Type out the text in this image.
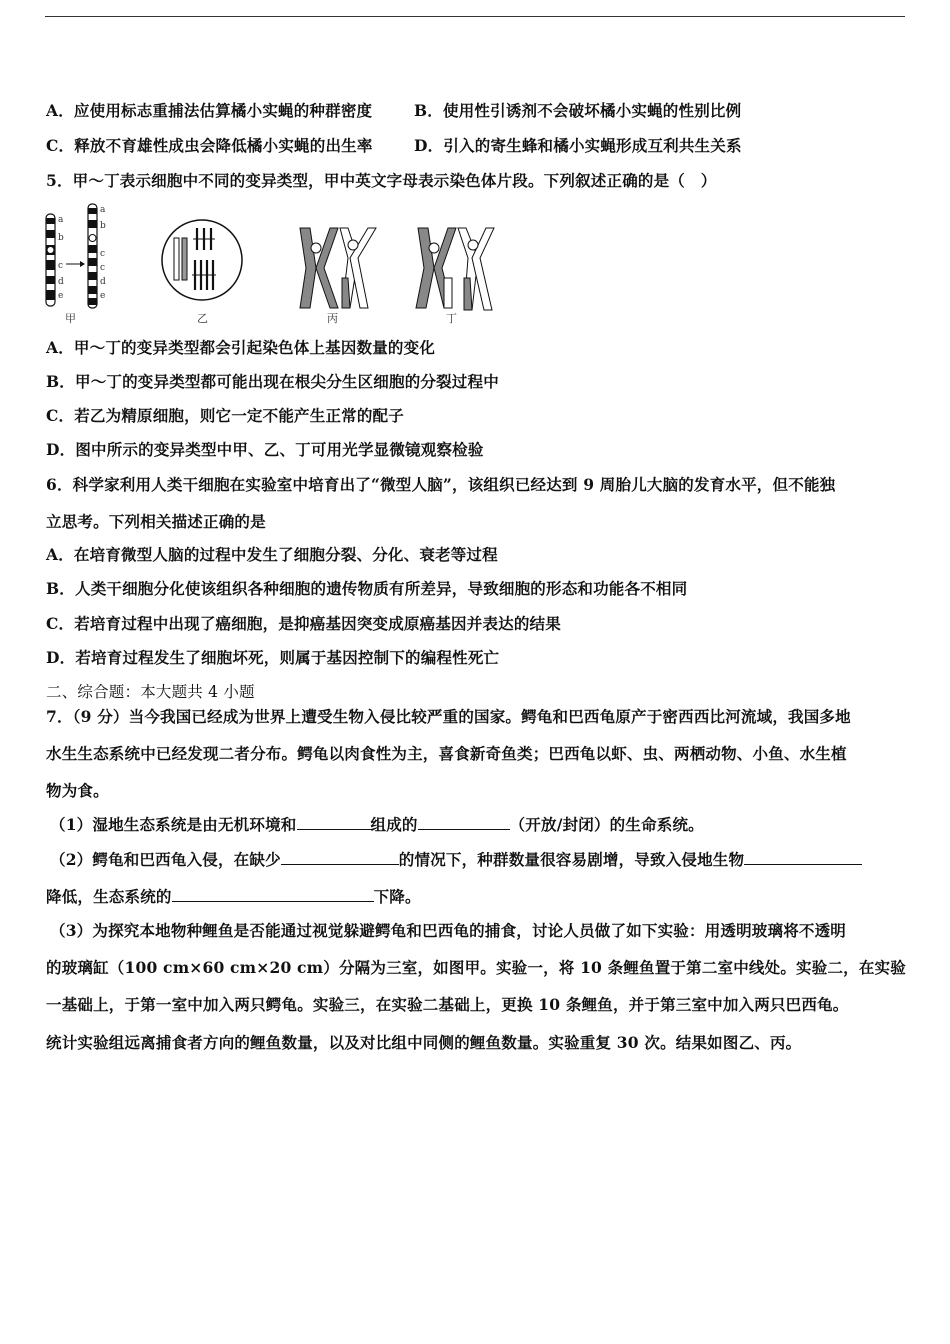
A．应使用标志重捕法估算橘小实蝇的种群密度	B．使用性引诱剂不会破坏橘小实蝇的性别比例
C．释放不育雄性成虫会降低橘小实蝇的出生率	D．引入的寄生蜂和橘小实蝇形成互利共生关系
5．甲～丁表示细胞中不同的变异类型，甲中英文字母表示染色体片段。下列叙述正确的是（　）
a
b
c
d
e
a
b
c
c
d
e
甲	乙	丙	丁
A．甲～丁的变异类型都会引起染色体上基因数量的变化
B．甲～丁的变异类型都可能出现在根尖分生区细胞的分裂过程中
C．若乙为精原细胞，则它一定不能产生正常的配子
D．图中所示的变异类型中甲、乙、丁可用光学显微镜观察检验
6．科学家利用人类干细胞在实验室中培育出了“微型人脑”，该组织已经达到 9 周胎儿大脑的发育水平，但不能独
立思考。下列相关描述正确的是
A．在培育微型人脑的过程中发生了细胞分裂、分化、衰老等过程
B．人类干细胞分化使该组织各种细胞的遗传物质有所差异，导致细胞的形态和功能各不相同
C．若培育过程中出现了癌细胞，是抑癌基因突变成原癌基因并表达的结果
D．若培育过程发生了细胞坏死，则属于基因控制下的编程性死亡
二、综合题：本大题共 4 小题
7．（9 分）当今我国已经成为世界上遭受生物入侵比较严重的国家。鳄龟和巴西龟原产于密西西比河流域，我国多地
水生生态系统中已经发现二者分布。鳄龟以肉食性为主，喜食新奇鱼类；巴西龟以虾、虫、两栖动物、小鱼、水生植
物为食。
（1）湿地生态系统是由无机环境和	组成的	（开放/封闭）的生命系统。
（2）鳄龟和巴西龟入侵，在缺少	的情况下，种群数量很容易剧增，导致入侵地生物
降低，生态系统的	下降。
（3）为探究本地物种鲤鱼是否能通过视觉躲避鳄龟和巴西龟的捕食，讨论人员做了如下实验：用透明玻璃将不透明
的玻璃缸（100 cm×60 cm×20 cm）分隔为三室，如图甲。实验一，将 10 条鲤鱼置于第二室中线处。实验二，在实验
一基础上，于第一室中加入两只鳄龟。实验三，在实验二基础上，更换 10 条鲤鱼，并于第三室中加入两只巴西龟。
统计实验组远离捕食者方向的鲤鱼数量，以及对比组中同侧的鲤鱼数量。实验重复 30 次。结果如图乙、丙。
